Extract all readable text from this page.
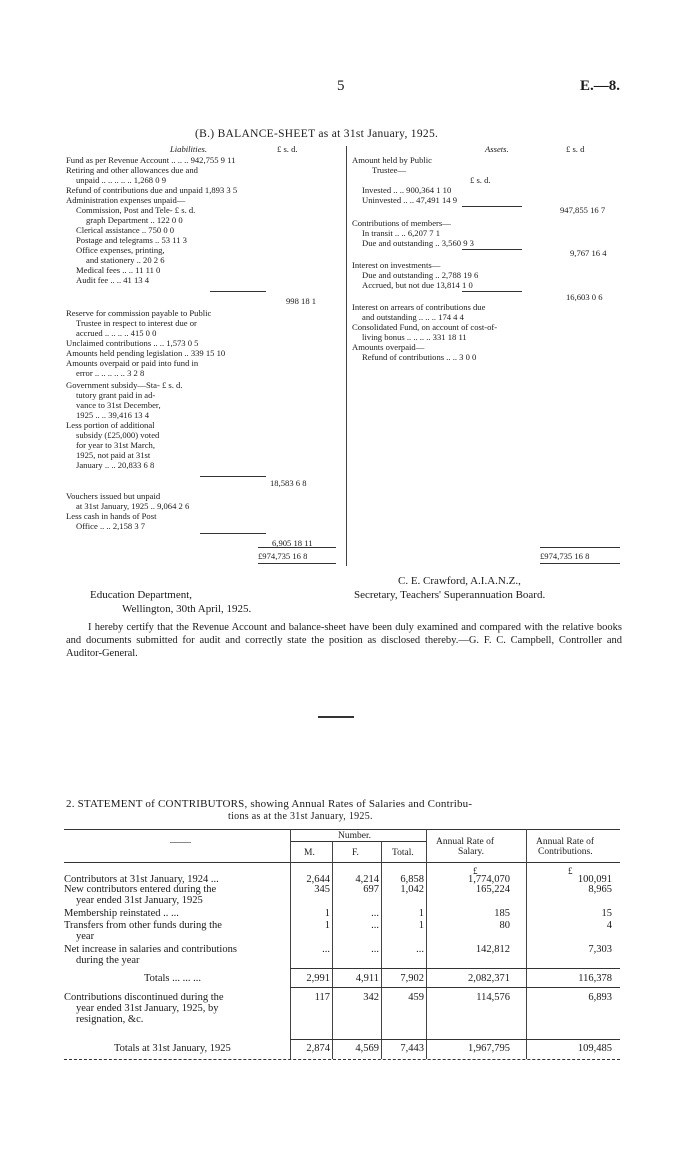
5	E.—8.
(B.) BALANCE-SHEET as at 31st January, 1925.
Liabilities.	£ s. d.	Assets.	£ s. d
Fund as per Revenue Account .. .. .. 942,755 9 11
Retiring and other allowances due and
unpaid .. .. .. .. .. 1,268 0 9
Refund of contributions due and unpaid 1,893 3 5
Administration expenses unpaid—
Commission, Post and Tele- £ s. d.
graph Department .. 122 0 0
Clerical assistance .. 750 0 0
Postage and telegrams .. 53 11 3
Office expenses, printing,
and stationery .. 20 2 6
Medical fees .. .. 11 11 0
Audit fee .. .. 41 13 4
998 18 1
Reserve for commission payable to Public
Trustee in respect to interest due or
accrued .. .. .. .. 415 0 0
Unclaimed contributions .. .. 1,573 0 5
Amounts held pending legislation .. 339 15 10
Amounts overpaid or paid into fund in
error .. .. .. .. .. 3 2 8
Government subsidy—Sta- £ s. d.
tutory grant paid in ad-
vance to 31st December,
1925 .. .. 39,416 13 4
Less portion of additional
subsidy (£25,000) voted
for year to 31st March,
1925, not paid at 31st
January .. .. 20,833 6 8
18,583 6 8
Vouchers issued but unpaid
at 31st January, 1925 .. 9,064 2 6
Less cash in hands of Post
Office .. .. 2,158 3 7
6,905 18 11
£974,735 16 8
Amount held by Public
Trustee—
£ s. d.
Invested .. .. 900,364 1 10
Uninvested .. .. 47,491 14 9
947,855 16 7
Contributions of members—
In transit .. .. 6,207 7 1
Due and outstanding .. 3,560 9 3
9,767 16 4
Interest on investments—
Due and outstanding .. 2,788 19 6
Accrued, but not due 13,814 1 0
16,603 0 6
Interest on arrears of contributions due
and outstanding .. .. .. 174 4 4
Consolidated Fund, on account of cost-of-
living bonus .. .. .. .. 331 18 11
Amounts overpaid—
Refund of contributions .. .. 3 0 0
£974,735 16 8
Education Department,
Wellington, 30th April, 1925.
C. E. Crawford, A.I.A.N.Z.,
Secretary, Teachers' Superannuation Board.
I hereby certify that the Revenue Account and balance-sheet have been duly examined and compared with the relative books and documents submitted for audit and correctly state the position as disclosed thereby.—G. F. C. Campbell, Controller and Auditor-General.
2. STATEMENT of CONTRIBUTORS, showing Annual Rates of Salaries and Contribu-
tions as at the 31st January, 1925.
——
Number.
M.	F.	Total.
Annual Rate of
Salary.
Annual Rate of
Contributions.
£	£
Contributors at 31st January, 1924 ...	2,644 4,214 6,858	1,774,070	100,091
New contributors entered during the
year ended 31st January, 1925
345	697 1,042	165,224	8,965
Membership reinstated .. ...	1	...	1	185	15
Transfers from other funds during the
year
1	...	1	80	4
Net increase in salaries and contributions
during the year
...	...	...	142,812	7,303
Totals ... ... ...	2,991 4,911 7,902	2,082,371	116,378
Contributions discontinued during the
year ended 31st January, 1925, by
resignation, &c.
117	342	459	114,576	6,893
Totals at 31st January, 1925	2,874 4,569 7,443	1,967,795	109,485
